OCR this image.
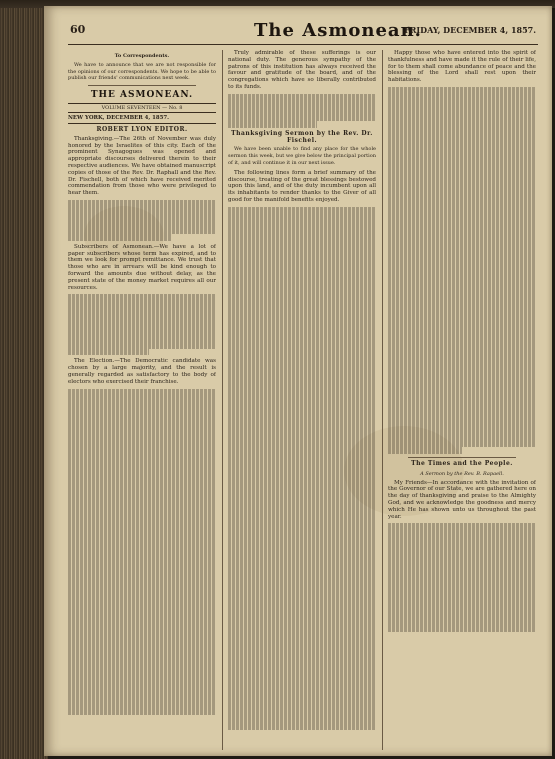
60	The Asmonean.
FRIDAY, DECEMBER 4, 1857.
To Correspondents.

We have to announce that we are not responsible for the opinions of our correspondents. We hope to be able to publish our friends' communications next week.

THE ASMONEAN.
VOLUME SEVENTEEN — No. 8
NEW YORK, DECEMBER 4, 1857.
ROBERT LYON EDITOR.

Thanksgiving.—The 26th of November was duly honored by the Israelites of this city. Each of the prominent Synagogues was opened and appropriate discourses delivered therein to their respective audiences. We have obtained manuscript copies of those of the Rev. Dr. Raphall and the Rev. Dr. Fischell, both of which have received merited commendation from those who were privileged to hear them.

Subscribers of Asmonean.—We have a lot of paper subscribers whose term has expired, and to them we look for prompt remittance. We trust that those who are in arrears will be kind enough to forward the amounts due without delay, as the present state of the money market requires all our resources.

The Election.—The Democratic candidate was chosen by a large majority, and the result is generally regarded as satisfactory to the body of electors who exercised their franchise.

Truly admirable of these sufferings is our national duty. The generous sympathy of the patrons of this institution has always received the favour and gratitude of the board, and of the congregations which have so liberally contributed to its funds.

Thanksgiving Sermon by the Rev. Dr. Fischel.

We have been unable to find any place for the whole sermon this week, but we give below the principal portion of it, and will continue it in our next issue.

The following lines form a brief summary of the discourse, treating of the great blessings bestowed upon this land, and of the duty incumbent upon all its inhabitants to render thanks to the Giver of all good for the manifold benefits enjoyed.

Happy those who have entered into the spirit of thankfulness and have made it the rule of their life, for to them shall come abundance of peace and the blessing of the Lord shall rest upon their habitations.

The Times and the People.
A Sermon by the Rev. B. Rapaell.

My Friends—In accordance with the invitation of the Governor of our State, we are gathered here on the day of thanksgiving and praise to the Almighty God, and we acknowledge the goodness and mercy which He has shown unto us throughout the past year.
